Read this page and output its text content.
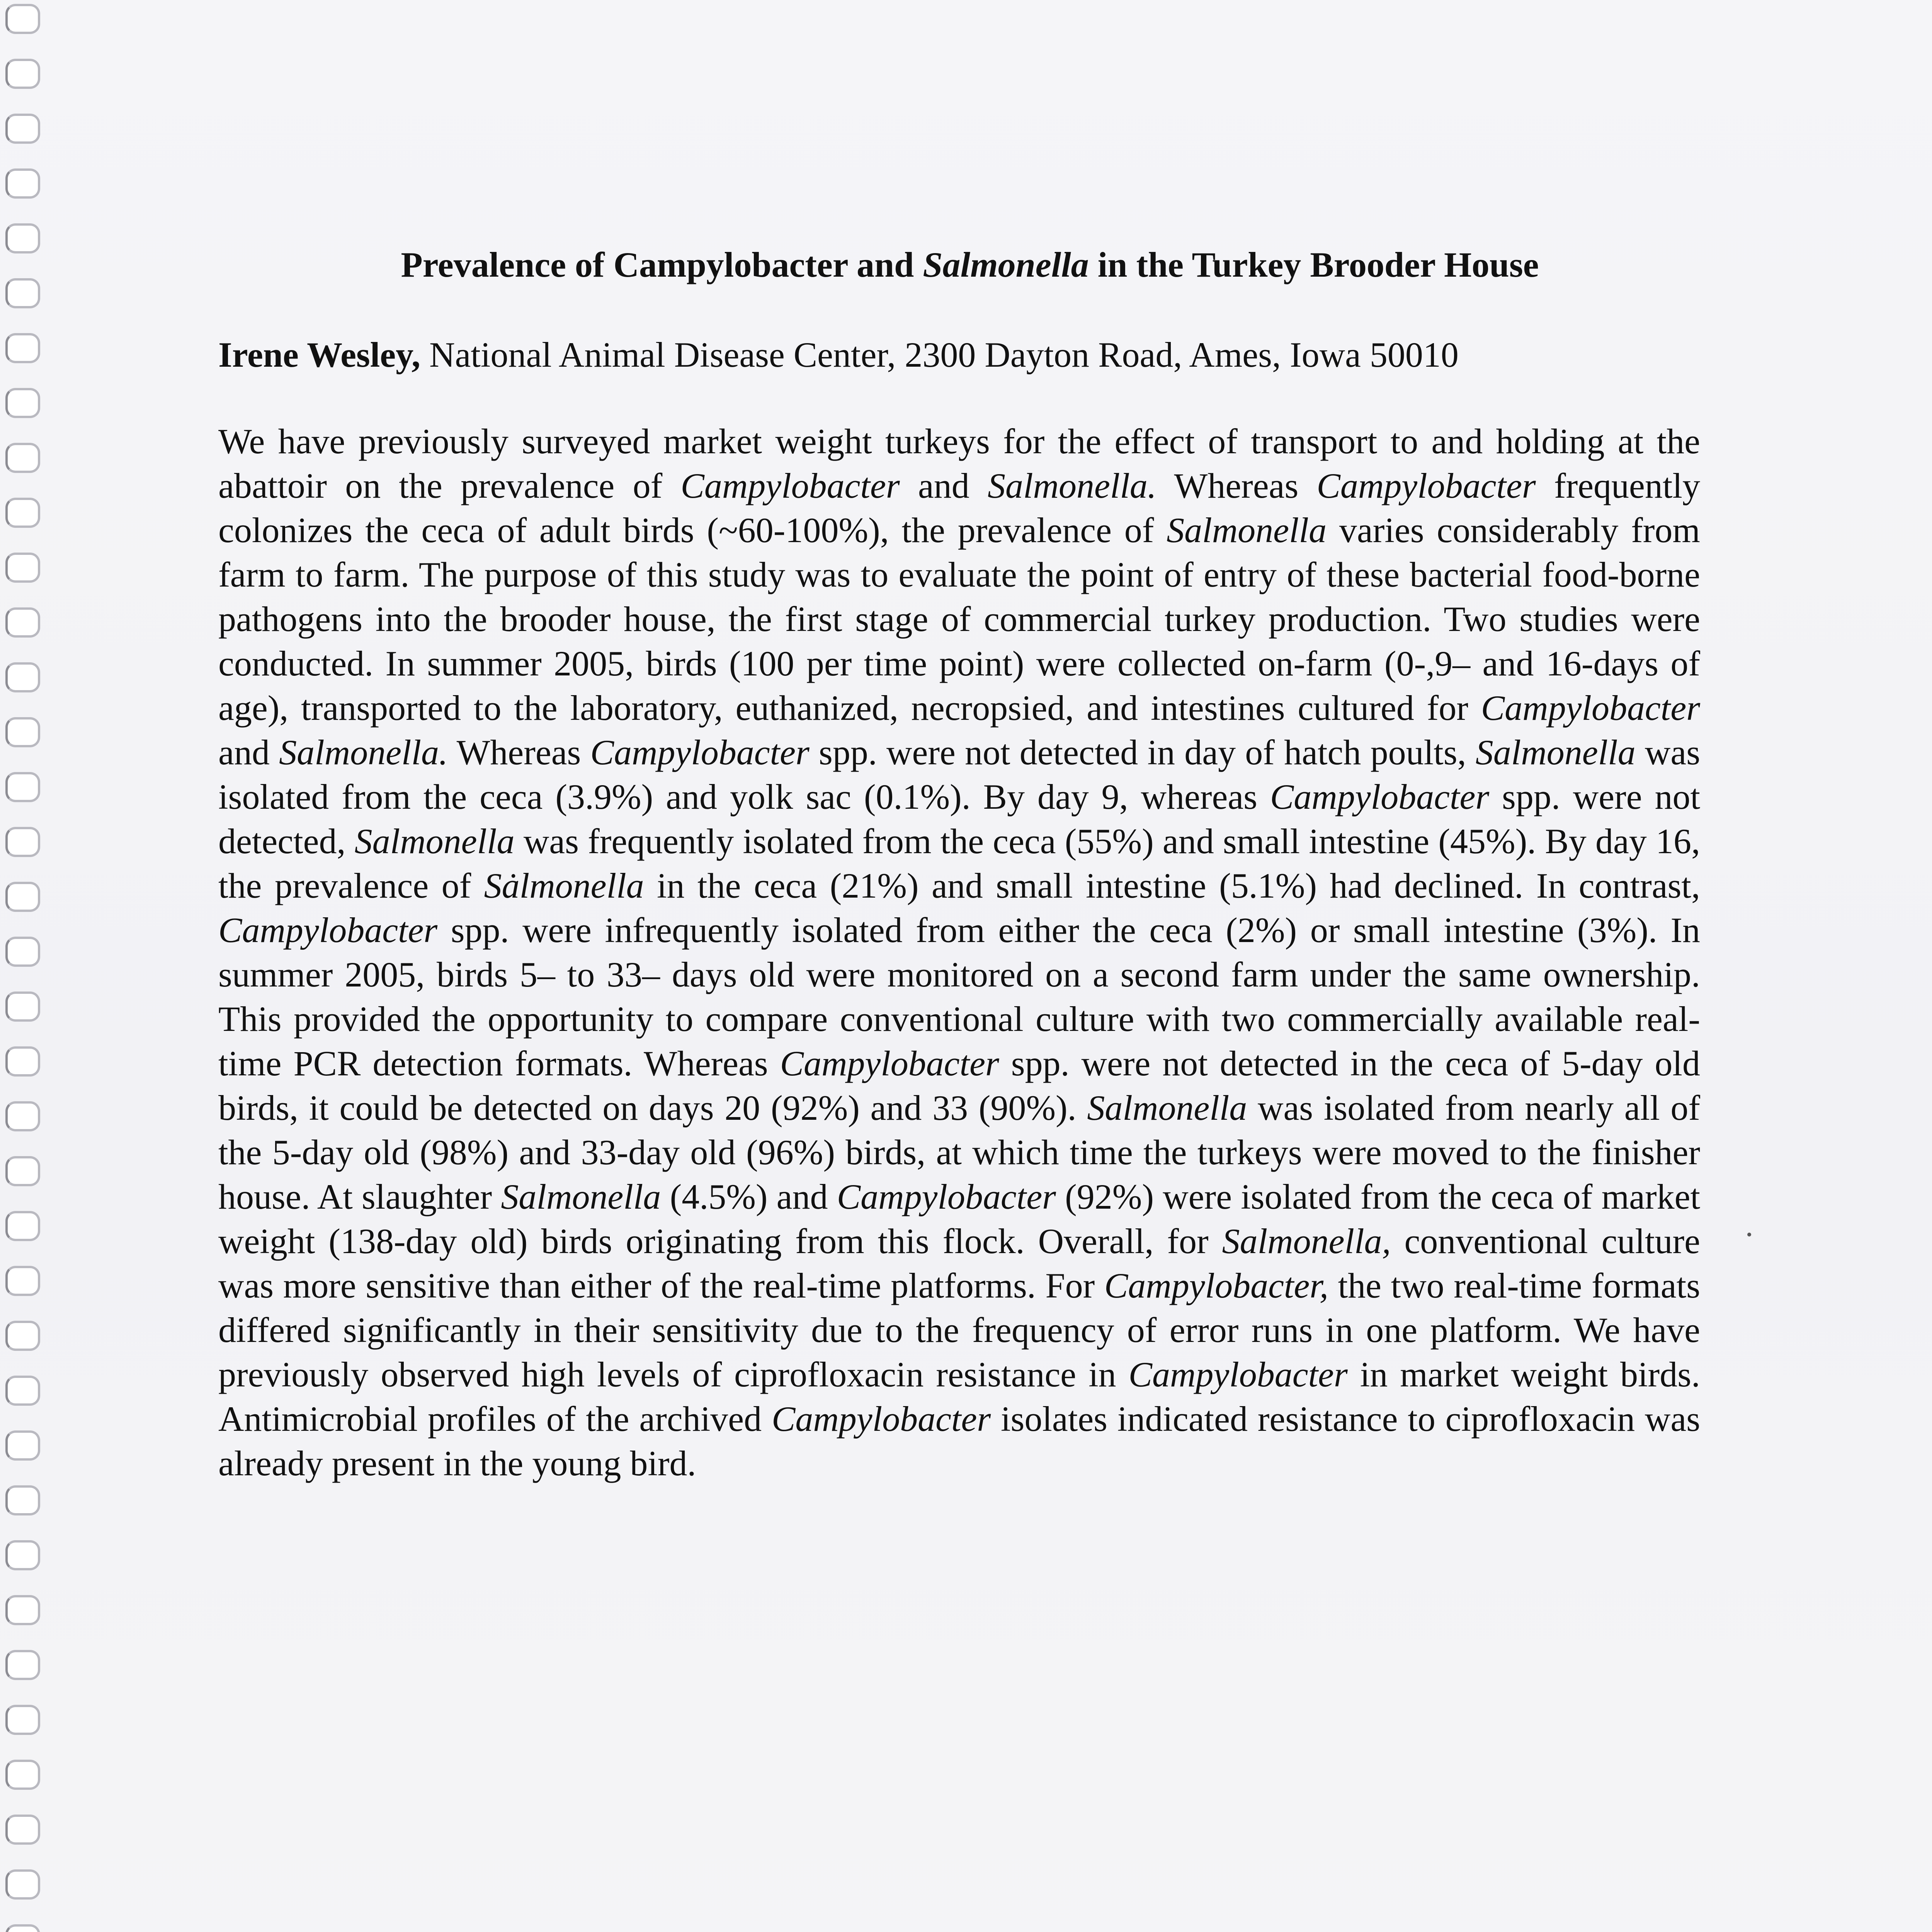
Prevalence of Campylobacter and Salmonella in the Turkey Brooder House
Irene Wesley, National Animal Disease Center, 2300 Dayton Road, Ames, Iowa 50010
We have previously surveyed market weight turkeys for the effect of transport to and holding at the abattoir on the prevalence of Campylobacter and Salmonella. Whereas Campylobacter frequently colonizes the ceca of adult birds (~60-100%), the prevalence of Salmonella varies considerably from farm to farm. The purpose of this study was to evaluate the point of entry of these bacterial food-borne pathogens into the brooder house, the first stage of commercial turkey production. Two studies were conducted. In summer 2005, birds (100 per time point) were collected on-farm (0-,9– and 16-days of age), transported to the laboratory, euthanized, necropsied, and intestines cultured for Campylobacter and Salmonella. Whereas Campylobacter spp. were not detected in day of hatch poults, Salmonella was isolated from the ceca (3.9%) and yolk sac (0.1%). By day 9, whereas Campylobacter spp. were not detected, Salmonella was frequently isolated from the ceca (55%) and small intestine (45%). By day 16, the prevalence of Sȧlmonella in the ceca (21%) and small intestine (5.1%) had declined. In contrast, Campylobacter spp. were infrequently isolated from either the ceca (2%) or small intestine (3%). In summer 2005, birds 5– to 33– days old were monitored on a second farm under the same ownership. This provided the opportunity to compare conventional culture with two commercially available real-time PCR detection formats. Whereas Campylobacter spp. were not detected in the ceca of 5-day old birds, it could be detected on days 20 (92%) and 33 (90%). Salmonella was isolated from nearly all of the 5-day old (98%) and 33-day old (96%) birds, at which time the turkeys were moved to the finisher house. At slaughter Salmonella (4.5%) and Campylobacter (92%) were isolated from the ceca of market weight (138-day old) birds originating from this flock. Overall, for Salmonella, conventional culture was more sensitive than either of the real-time platforms. For Campylobacter, the two real-time formats differed significantly in their sensitivity due to the frequency of error runs in one platform. We have previously observed high levels of ciprofloxacin resistance in Campylobacter in market weight birds. Antimicrobial profiles of the archived Campylobacter isolates indicated resistance to ciprofloxacin was already present in the young bird.
